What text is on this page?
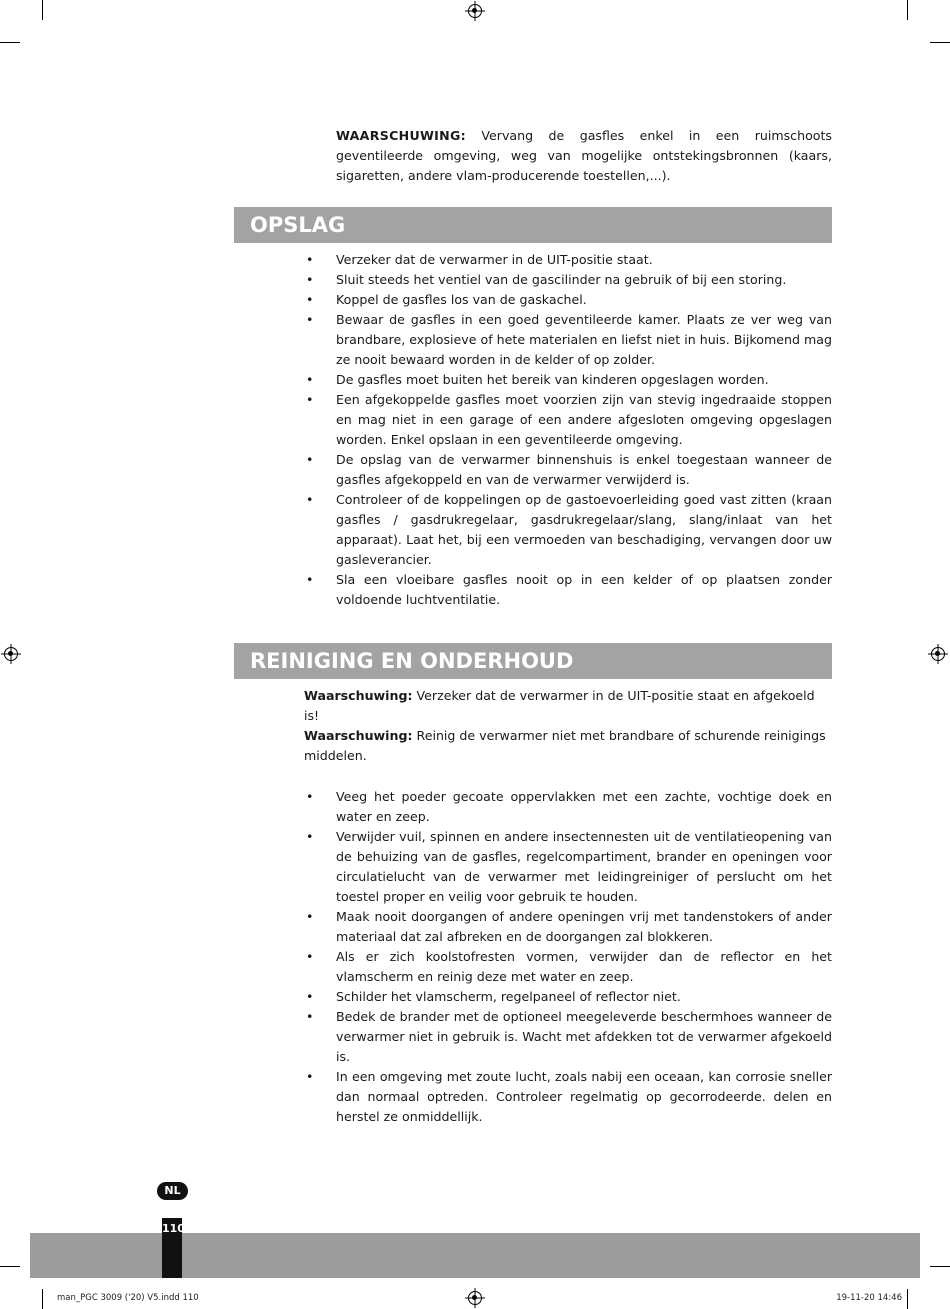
WAARSCHUWING: Vervang de gasfles enkel in een ruimschoots geventileerde omgeving, weg van mogelijke ontstekingsbronnen (kaars, sigaretten, andere vlam-producerende toestellen,...).
OPSLAG
• Verzeker dat de verwarmer in de UIT-positie staat.
• Sluit steeds het ventiel van de gascilinder na gebruik of bij een storing.
• Koppel de gasfles los van de gaskachel.
• Bewaar de gasfles in een goed geventileerde kamer. Plaats ze ver weg van brandbare, explosieve of hete materialen en liefst niet in huis. Bijkomend mag ze nooit bewaard worden in de kelder of op zolder.
• De gasfles moet buiten het bereik van kinderen opgeslagen worden.
• Een afgekoppelde gasfles moet voorzien zijn van stevig ingedraaide stoppen en mag niet in een garage of een andere afgesloten omgeving opgeslagen worden. Enkel opslaan in een geventileerde omgeving.
• De opslag van de verwarmer binnenshuis is enkel toegestaan wanneer de gasfles afgekoppeld en van de verwarmer verwijderd is.
• Controleer of de koppelingen op de gastoevoerleiding goed vast zitten (kraan gasfles / gasdrukregelaar, gasdrukregelaar/slang, slang/inlaat van het apparaat). Laat het, bij een vermoeden van beschadiging, vervangen door uw gasleverancier.
• Sla een vloeibare gasfles nooit op in een kelder of op plaatsen zonder voldoende luchtventilatie.
REINIGING EN ONDERHOUD
Waarschuwing: Verzeker dat de verwarmer in de UIT-positie staat en afgekoeld is!
Waarschuwing: Reinig de verwarmer niet met brandbare of schurende reinigings middelen.
• Veeg het poeder gecoate oppervlakken met een zachte, vochtige doek en water en zeep.
• Verwijder vuil, spinnen en andere insectennesten uit de ventilatieopening van de behuizing van de gasfles, regelcompartiment, brander en openingen voor circulatielucht van de verwarmer met leidingreiniger of perslucht om het toestel proper en veilig voor gebruik te houden.
• Maak nooit doorgangen of andere openingen vrij met tandenstokers of ander materiaal dat zal afbreken en de doorgangen zal blokkeren.
• Als er zich koolstofresten vormen, verwijder dan de reflector en het vlamscherm en reinig deze met water en zeep.
• Schilder het vlamscherm, regelpaneel of reflector niet.
• Bedek de brander met de optioneel meegeleverde beschermhoes wanneer de verwarmer niet in gebruik is. Wacht met afdekken tot de verwarmer afgekoeld is.
• In een omgeving met zoute lucht, zoals nabij een oceaan, kan corrosie sneller dan normaal optreden. Controleer regelmatig op gecorrodeerde. delen en herstel ze onmiddellijk.
NL
110
man_PGC 3009 ('20) V5.indd 110	19-11-20 14:46
